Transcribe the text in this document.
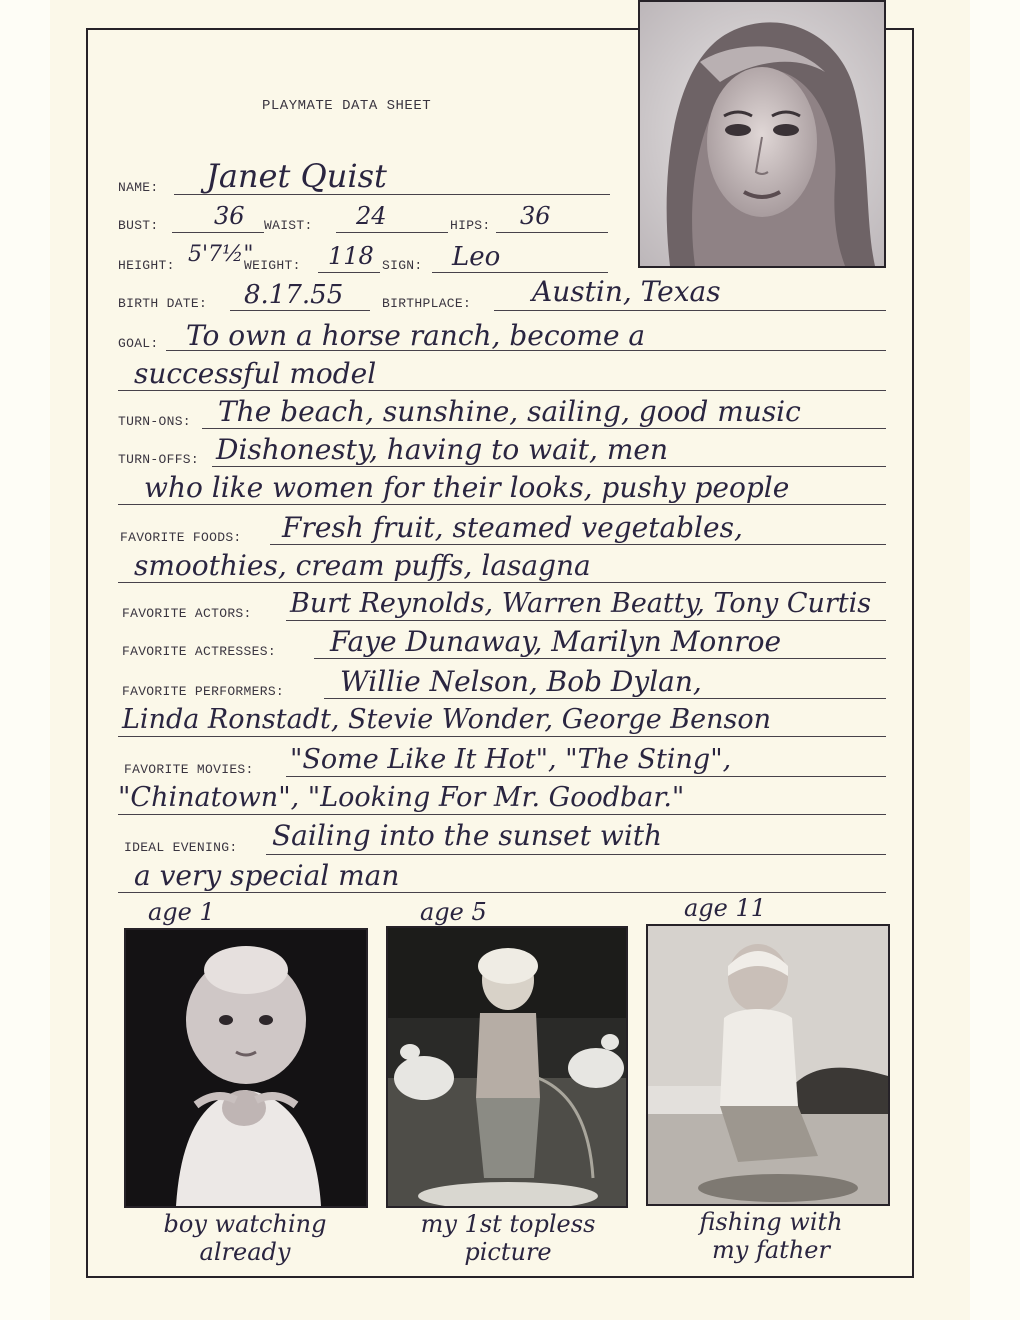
PLAYMATE DATA SHEET
NAME: Janet Quist
BUST: 36 WAIST: 24	HIPS: 36
HEIGHT: 5'7½"
WEIGHT: 118 SIGN: Leo
BIRTH DATE: 8.17.55	BIRTHPLACE: Austin, Texas
GOAL: To own a horse ranch, become a
successful model
TURN-ONS: The beach, sunshine, sailing, good music
TURN-OFFS: Dishonesty, having to wait, men
who like women for their looks, pushy people
FAVORITE FOODS: Fresh fruit, steamed vegetables,
smoothies, cream puffs, lasagna
FAVORITE ACTORS: Burt Reynolds, Warren Beatty, Tony Curtis
FAVORITE ACTRESSES: Faye Dunaway, Marilyn Monroe
FAVORITE PERFORMERS: Willie Nelson, Bob Dylan,
Linda Ronstadt, Stevie Wonder, George Benson
FAVORITE MOVIES: "Some Like It Hot", "The Sting",
"Chinatown", "Looking For Mr. Goodbar."
IDEAL EVENING: Sailing into the sunset with
a very special man
age 1	age 5	age 11
boy watching
already
my 1st topless
picture
fishing with
my father
